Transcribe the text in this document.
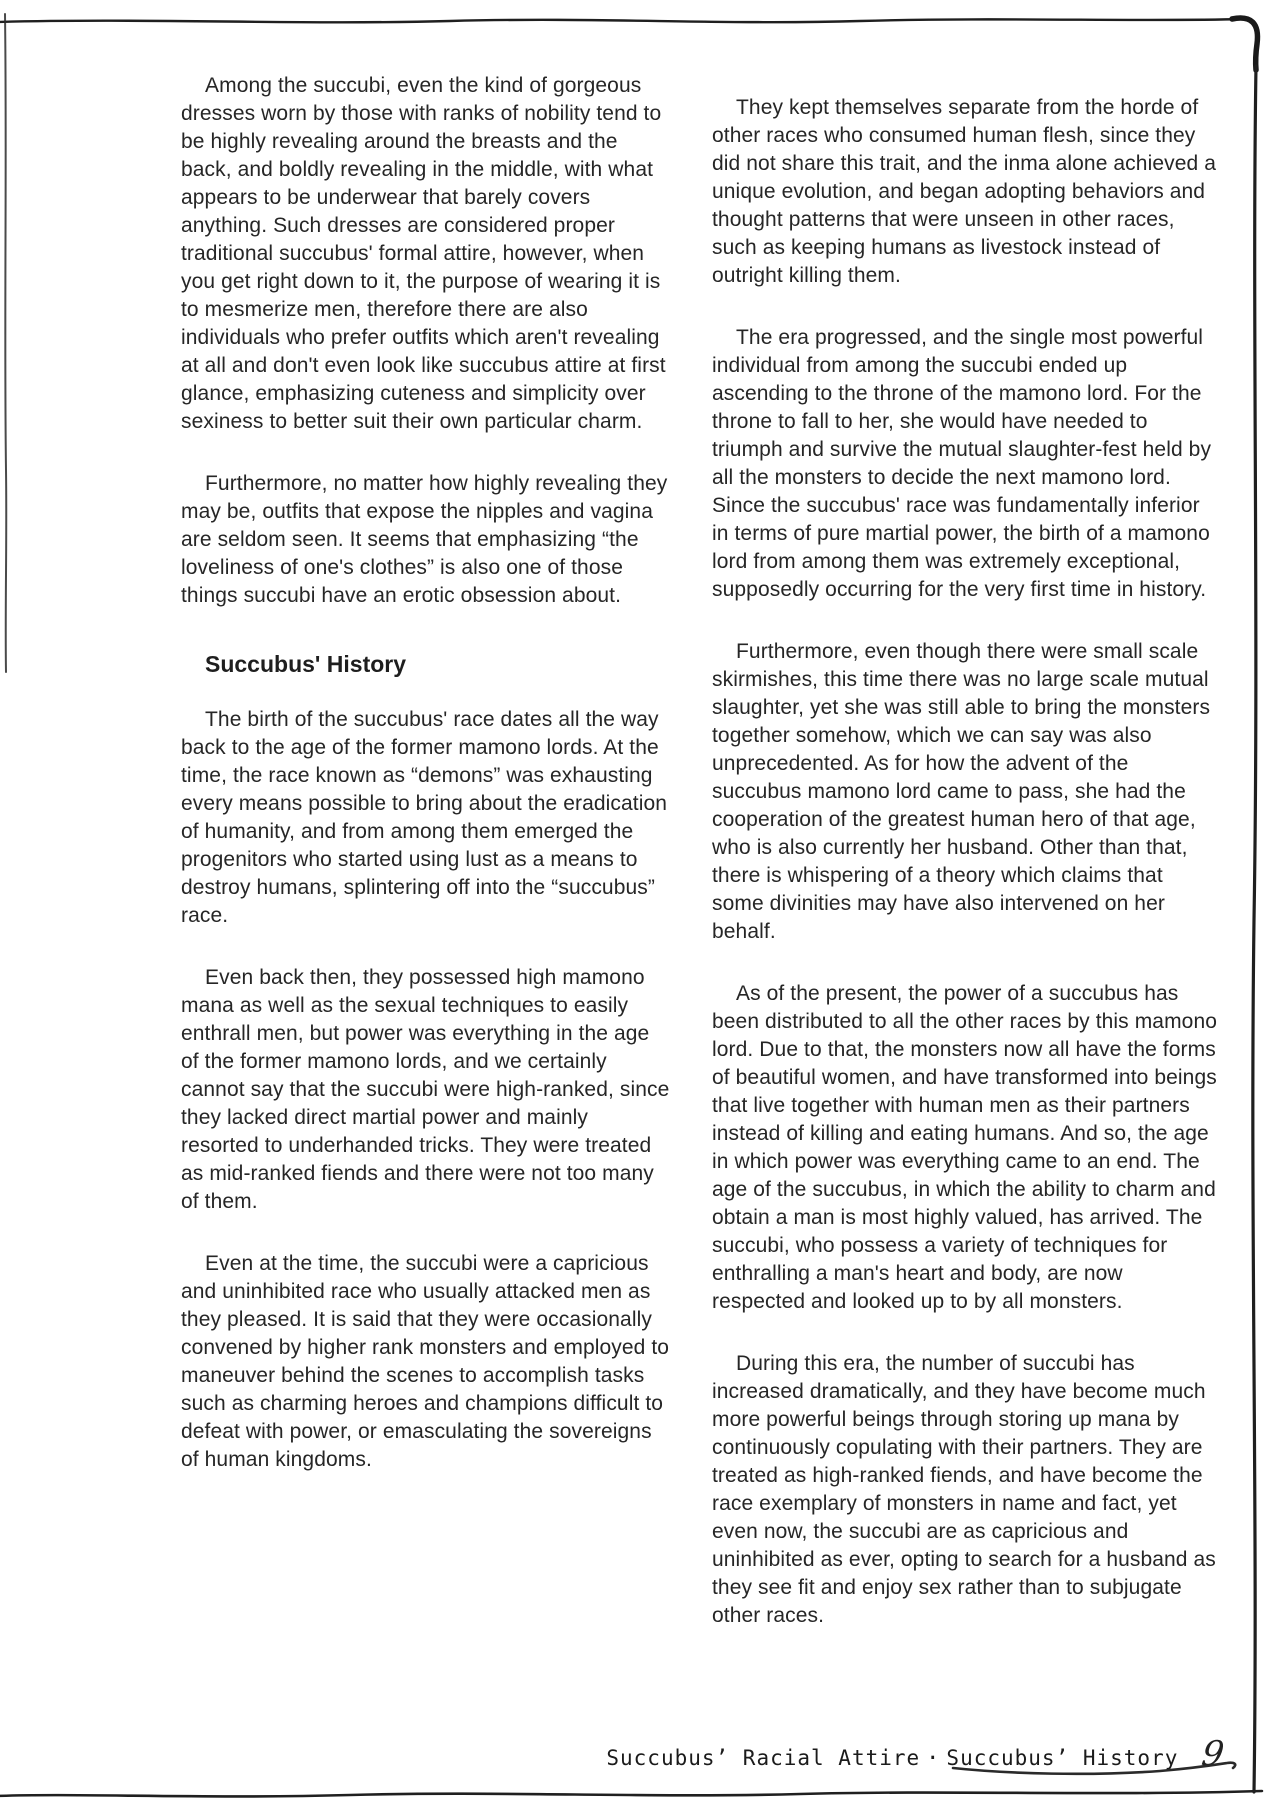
Among the succubi, even the kind of gorgeous dresses worn by those with ranks of nobility tend to be highly revealing around the breasts and the back, and boldly revealing in the middle, with what appears to be underwear that barely covers anything. Such dresses are considered proper traditional succubus' formal attire, however, when you get right down to it, the purpose of wearing it is to mesmerize men, therefore there are also individuals who prefer outfits which aren't revealing at all and don't even look like succubus attire at first glance, emphasizing cuteness and simplicity over sexiness to better suit their own particular charm.

Furthermore, no matter how highly revealing they may be, outfits that expose the nipples and vagina are seldom seen. It seems that emphasizing “the loveliness of one's clothes” is also one of those things succubi have an erotic obsession about.

Succubus' History

The birth of the succubus' race dates all the way back to the age of the former mamono lords. At the time, the race known as “demons” was exhausting every means possible to bring about the eradication of humanity, and from among them emerged the progenitors who started using lust as a means to destroy humans, splintering off into the “succubus” race.

Even back then, they possessed high mamono mana as well as the sexual techniques to easily enthrall men, but power was everything in the age of the former mamono lords, and we certainly cannot say that the succubi were high-ranked, since they lacked direct martial power and mainly resorted to underhanded tricks. They were treated as mid-ranked fiends and there were not too many of them.

Even at the time, the succubi were a capricious and uninhibited race who usually attacked men as they pleased. It is said that they were occasionally convened by higher rank monsters and employed to maneuver behind the scenes to accomplish tasks such as charming heroes and champions difficult to defeat with power, or emasculating the sovereigns of human kingdoms.

They kept themselves separate from the horde of other races who consumed human flesh, since they did not share this trait, and the inma alone achieved a unique evolution, and began adopting behaviors and thought patterns that were unseen in other races, such as keeping humans as livestock instead of outright killing them.

The era progressed, and the single most powerful individual from among the succubi ended up ascending to the throne of the mamono lord. For the throne to fall to her, she would have needed to triumph and survive the mutual slaughter-fest held by all the monsters to decide the next mamono lord. Since the succubus' race was fundamentally inferior in terms of pure martial power, the birth of a mamono lord from among them was extremely exceptional, supposedly occurring for the very first time in history.

Furthermore, even though there were small scale skirmishes, this time there was no large scale mutual slaughter, yet she was still able to bring the monsters together somehow, which we can say was also unprecedented. As for how the advent of the succubus mamono lord came to pass, she had the cooperation of the greatest human hero of that age, who is also currently her husband. Other than that, there is whispering of a theory which claims that some divinities may have also intervened on her behalf.

As of the present, the power of a succubus has been distributed to all the other races by this mamono lord. Due to that, the monsters now all have the forms of beautiful women, and have transformed into beings that live together with human men as their partners instead of killing and eating humans. And so, the age in which power was everything came to an end. The age of the succubus, in which the ability to charm and obtain a man is most highly valued, has arrived. The succubi, who possess a variety of techniques for enthralling a man's heart and body, are now respected and looked up to by all monsters.

During this era, the number of succubi has increased dramatically, and they have become much more powerful beings through storing up mana by continuously copulating with their partners. They are treated as high-ranked fiends, and have become the race exemplary of monsters in name and fact, yet even now, the succubi are as capricious and uninhibited as ever, opting to search for a husband as they see fit and enjoy sex rather than to subjugate other races.

Succubus’ Racial Attire · Succubus’ History 9
